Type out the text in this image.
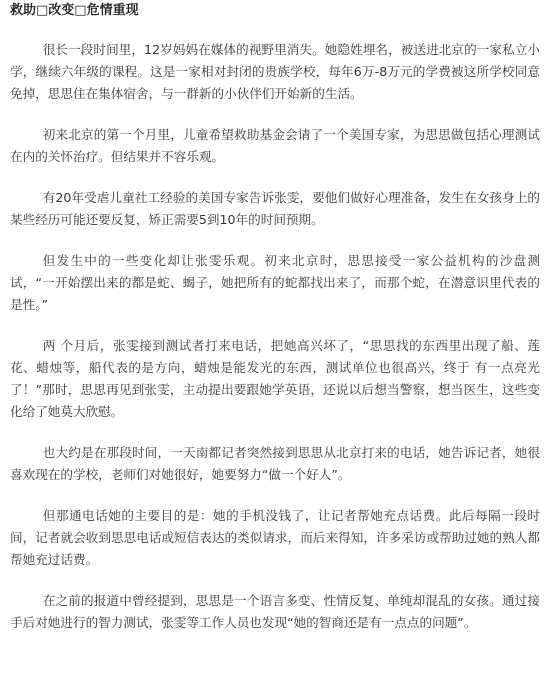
救助□改变□危情重现

很长一段时间里，12岁妈妈在媒体的视野里消失。她隐姓埋名，被送进北京的一家私立小学，继续六年级的课程。这是一家相对封闭的贵族学校，每年6万-8万元的学费被这所学校同意免掉，思思住在集体宿舍，与一群新的小伙伴们开始新的生活。

初来北京的第一个月里，儿童希望救助基金会请了一个美国专家，为思思做包括心理测试在内的关怀治疗。但结果并不容乐观。

有20年受虐儿童社工经验的美国专家告诉张雯，要他们做好心理准备，发生在女孩身上的某些经历可能还要反复，矫正需要5到10年的时间预期。

但发生中的一些变化却让张雯乐观。初来北京时，思思接受一家公益机构的沙盘测试，“一开始摆出来的都是蛇、蝎子，她把所有的蛇都找出来了，而那个蛇，在潜意识里代表的是性。”

两 个月后，张雯接到测试者打来电话，把她高兴坏了，“思思找的东西里出现了船、莲花、蜡烛等，船代表的是方向，蜡烛是能发光的东西，测试单位也很高兴，终于 有一点亮光了！”那时，思思再见到张雯，主动提出要跟她学英语，还说以后想当警察，想当医生，这些变化给了她莫大欣慰。

也大约是在那段时间，一天南都记者突然接到思思从北京打来的电话，她告诉记者，她很喜欢现在的学校，老师们对她很好，她要努力“做一个好人”。

但那通电话她的主要目的是：她的手机没钱了，让记者帮她充点话费。此后每隔一段时间，记者就会收到思思电话或短信表达的类似请求，而后来得知，许多采访或帮助过她的熟人都帮她充过话费。

在之前的报道中曾经提到，思思是一个语言多变、性情反复、单纯却混乱的女孩。通过接手后对她进行的智力测试，张雯等工作人员也发现“她的智商还是有一点点的问题”。
